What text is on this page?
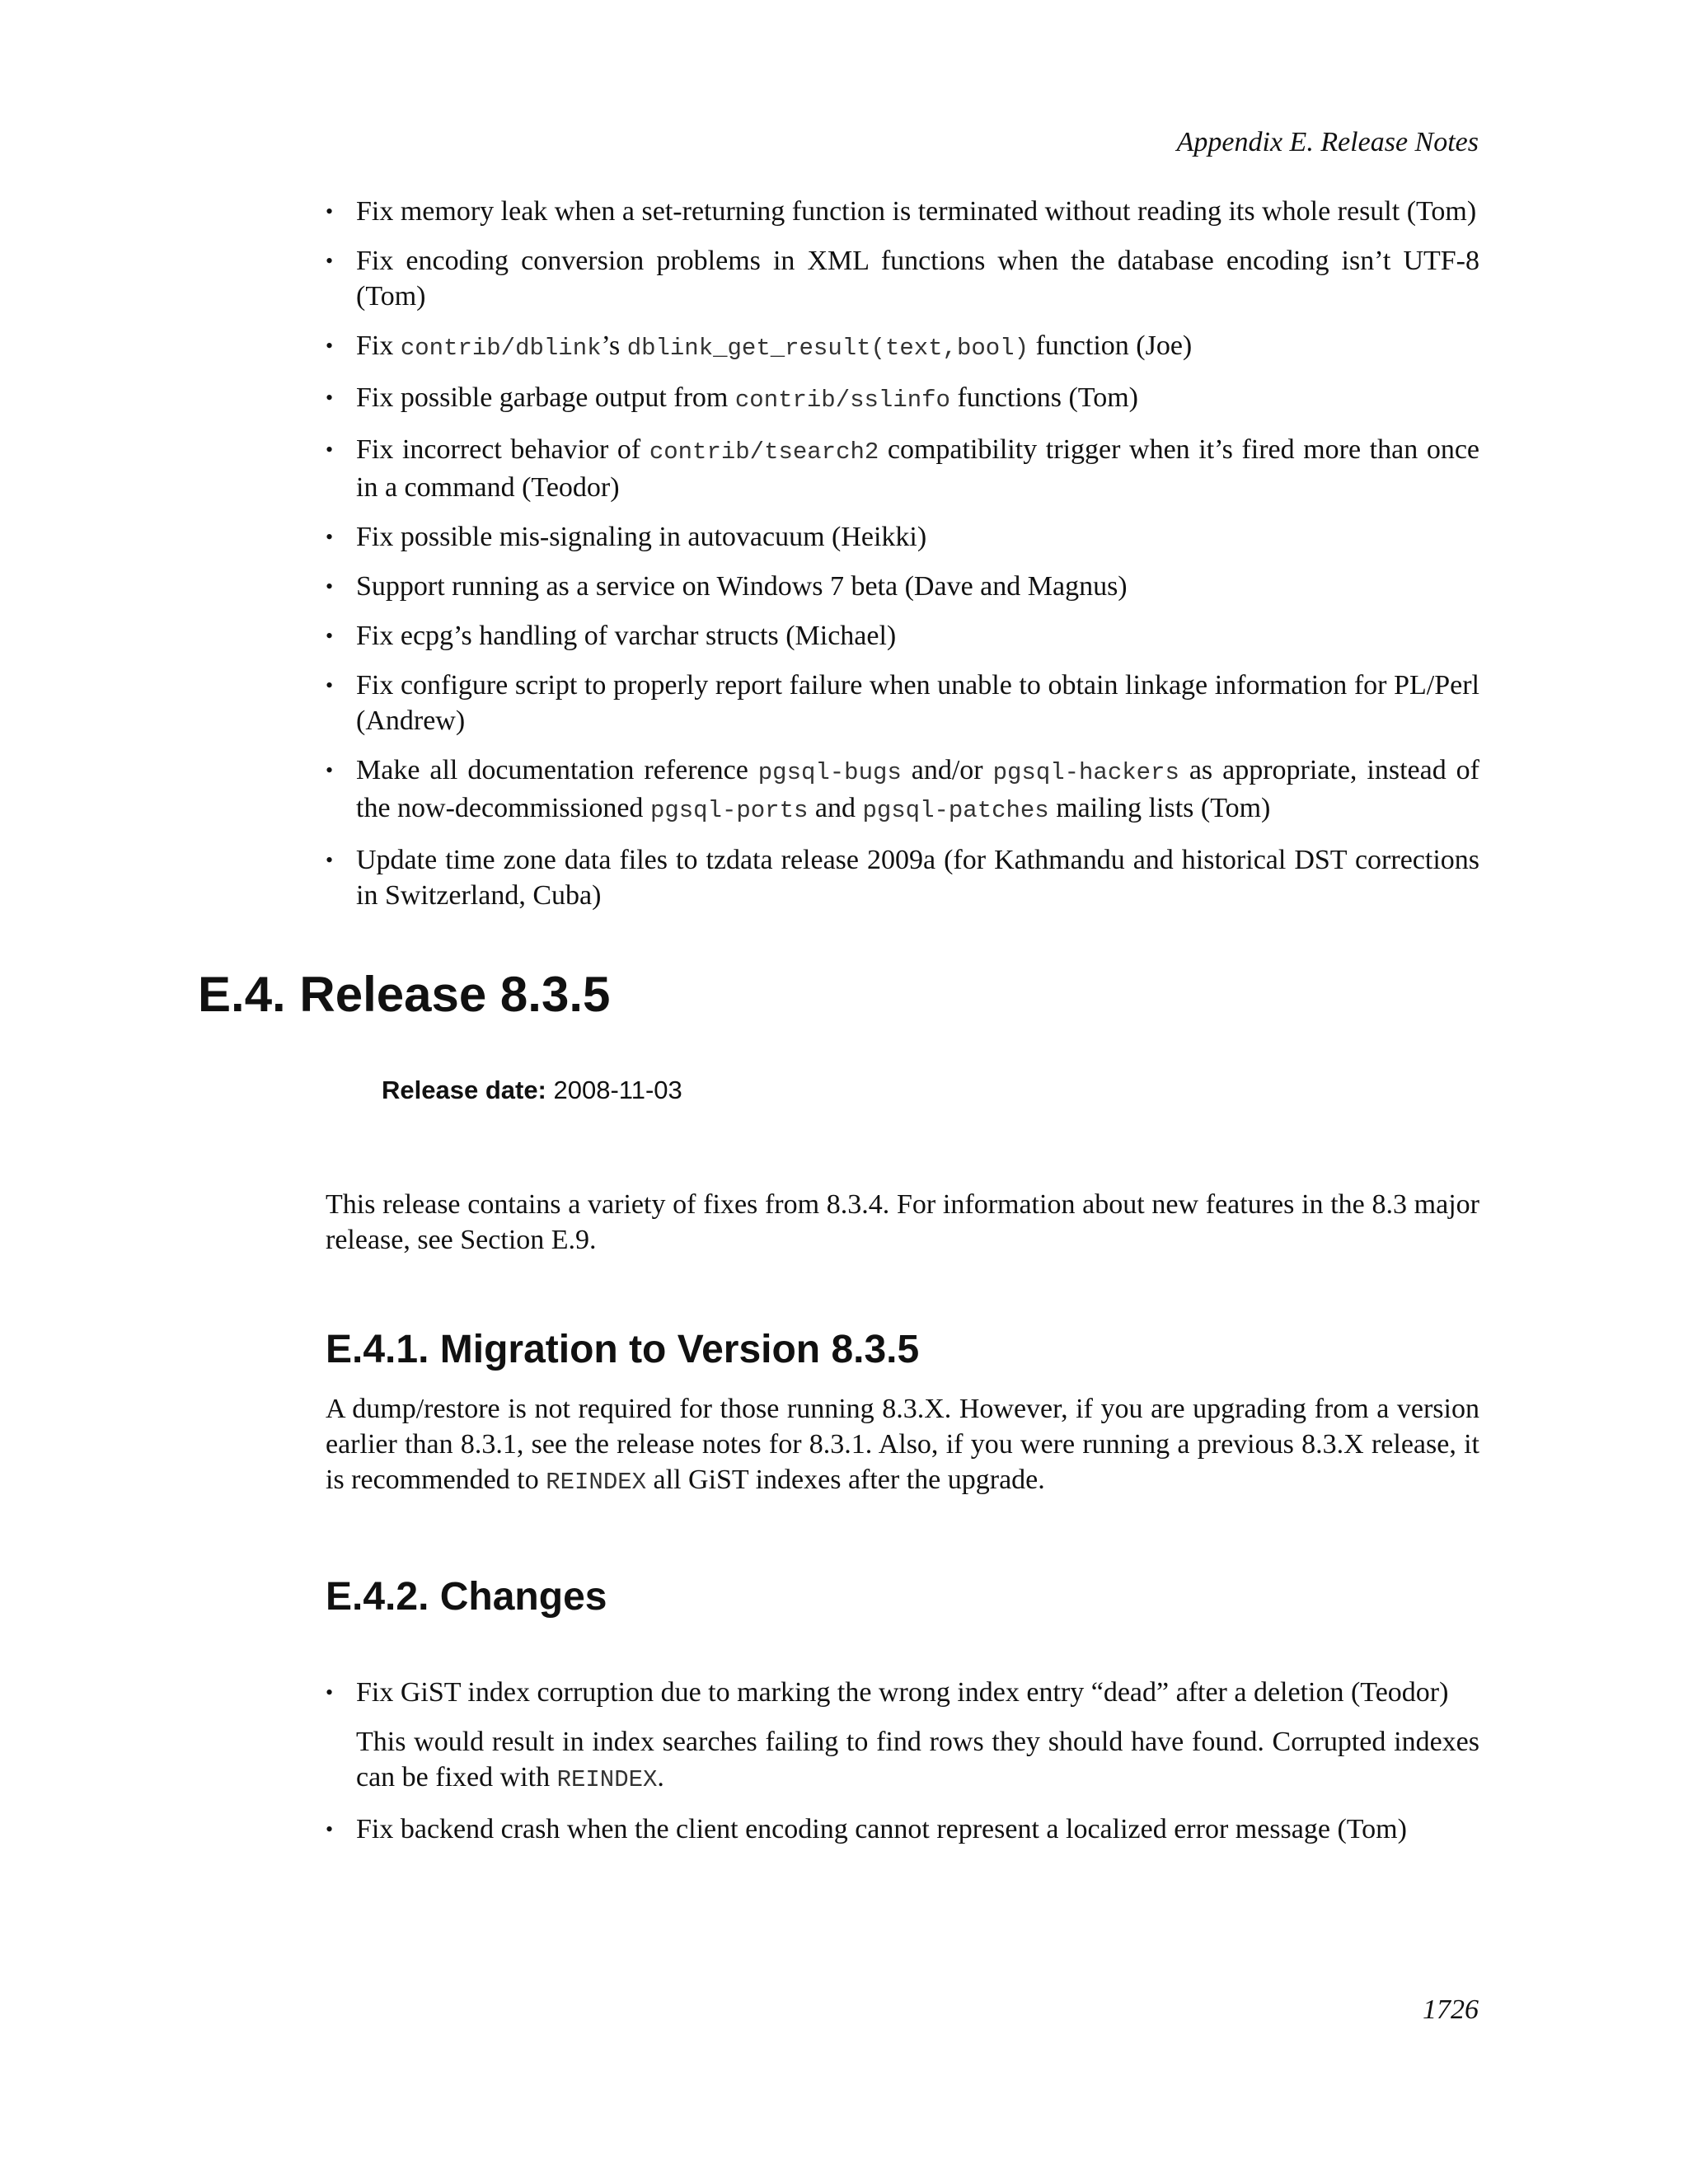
Appendix E. Release Notes
• Fix memory leak when a set-returning function is terminated without reading its whole result (Tom)
• Fix encoding conversion problems in XML functions when the database encoding isn’t UTF-8 (Tom)
• Fix contrib/dblink’s dblink_get_result(text,bool) function (Joe)
• Fix possible garbage output from contrib/sslinfo functions (Tom)
• Fix incorrect behavior of contrib/tsearch2 compatibility trigger when it’s fired more than once in a command (Teodor)
• Fix possible mis-signaling in autovacuum (Heikki)
• Support running as a service on Windows 7 beta (Dave and Magnus)
• Fix ecpg’s handling of varchar structs (Michael)
• Fix configure script to properly report failure when unable to obtain linkage information for PL/Perl (Andrew)
• Make all documentation reference pgsql-bugs and/or pgsql-hackers as appropriate, instead of the now-decommissioned pgsql-ports and pgsql-patches mailing lists (Tom)
• Update time zone data files to tzdata release 2009a (for Kathmandu and historical DST corrections in Switzerland, Cuba)
E.4. Release 8.3.5
Release date: 2008-11-03

This release contains a variety of fixes from 8.3.4. For information about new features in the 8.3 major release, see Section E.9.

E.4.1. Migration to Version 8.3.5

A dump/restore is not required for those running 8.3.X. However, if you are upgrading from a version earlier than 8.3.1, see the release notes for 8.3.1. Also, if you were running a previous 8.3.X release, it is recommended to REINDEX all GiST indexes after the upgrade.

E.4.2. Changes

• Fix GiST index corruption due to marking the wrong index entry “dead” after a deletion (Teodor)

This would result in index searches failing to find rows they should have found. Corrupted indexes can be fixed with REINDEX.

• Fix backend crash when the client encoding cannot represent a localized error message (Tom)
1726
